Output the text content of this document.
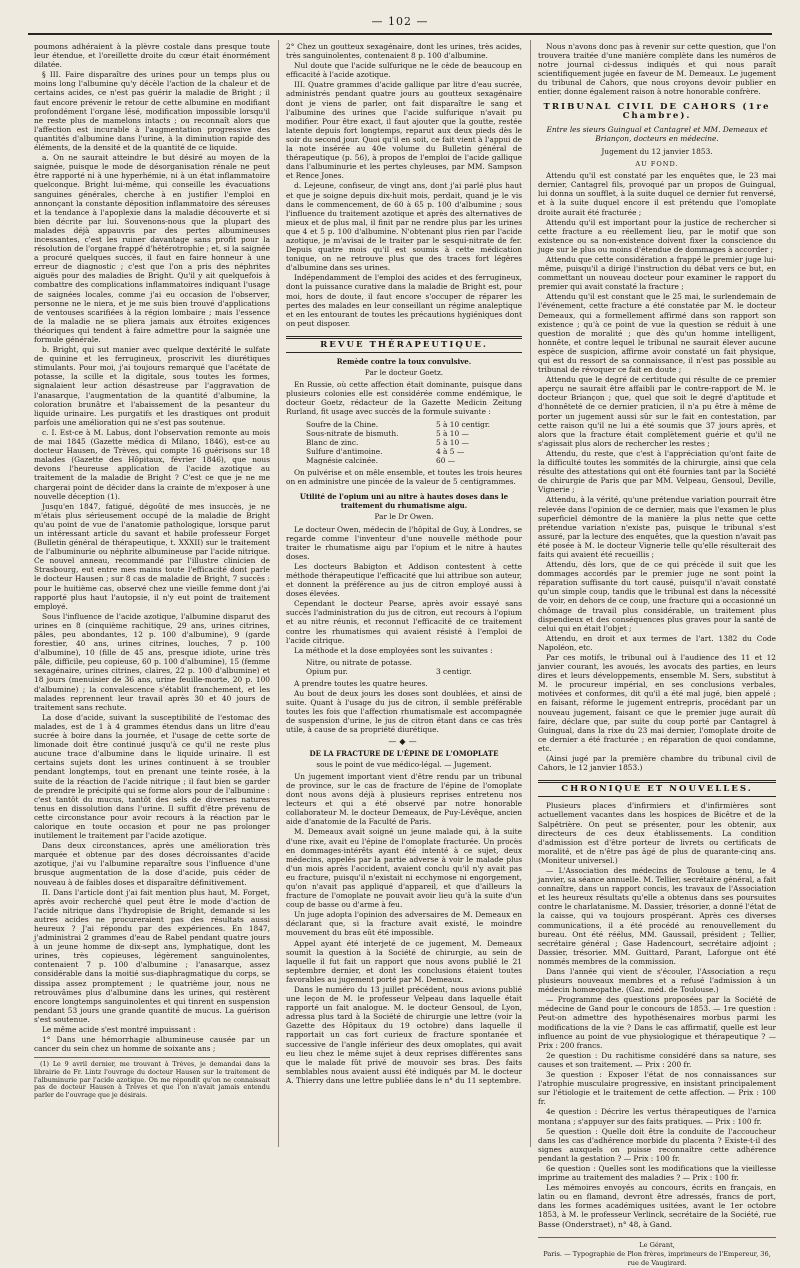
— 102 —

poumons adhéraient à la plèvre costale dans presque toute leur étendue, et l'oreillette droite du cœur était énormément dilatée.

§ III. Faire disparaître des urines pour un temps plus ou moins long l'albumine qu'y décèle l'action de la chaleur et de certains acides, ce n'est pas guérir la maladie de Bright ; il faut encore prévenir le retour de cette albumine en modifiant profondément l'organe lésé, modification impossible lorsqu'il ne reste plus de mamelons intacts ; ou reconnaît alors que l'affection est incurable à l'augmentation progressive des quantités d'albumine dans l'urine, à la diminution rapide des éléments, de la densité et de la quantité de ce liquide.

a. On ne saurait atteindre le but désiré au moyen de la saignée, puisque le mode de désorganisation rénale ne peut être rapporté ni à une hyperhémie, ni à un état inflammatoire quelconque. Bright lui-même, qui conseille les évacuations sanguines générales, cherche à en justifier l'emploi en annonçant la constante déposition inflammatoire des séreuses et la tendance à l'apoplexie dans la maladie découverte et si bien décrite par lui. Souvenons-nous que la plupart des malades déjà appauvris par des pertes albumineuses incessantes, c'est les ruiner davantage sans profit pour la résolution de l'organe frappé d'hétérotrophie ; et, si la saignée a procuré quelques succès, il faut en faire honneur à une erreur de diagnostic ; c'est que l'on a pris des néphrites aiguës pour des maladies de Bright. Qu'il y ait quelquefois à combattre des complications inflammatoires indiquant l'usage de saignées locales, comme j'ai eu occasion de l'observer, personne ne le niera, et je me suis bien trouvé d'applications de ventouses scarifiées à la région lombaire ; mais l'essence de la maladie ne se pliera jamais aux étroites exigences théoriques qui tendent à faire admettre pour la saignée une formule générale.

b. Bright, qui sut manier avec quelque dextérité le sulfate de quinine et les ferrugineux, proscrivit les diurétiques stimulants. Pour moi, j'ai toujours remarqué que l'acétate de potasse, la scille et la digitale, sous toutes les formes, signalaient leur action désastreuse par l'aggravation de l'anasarque, l'augmentation de la quantité d'albumine, la coloration brunâtre et l'abaissement de la pesanteur du liquide urinaire. Les purgatifs et les drastiques ont produit parfois une amélioration qui ne s'est pas soutenue.

c. I. Est-ce à M. Labus, dont l'observation remonte au mois de mai 1845 (Gazette médica di Milano, 1846), est-ce au docteur Hausen, de Trèves, qui compte 16 guérisons sur 18 malades (Gazette des Hôpitaux, février 1846), que nous devons l'heureuse application de l'acide azotique au traitement de la maladie de Bright ? C'est ce que je ne me chargerai point de décider dans la crainte de m'exposer à une nouvelle déception (1).

Jusqu'en 1847, fatigué, dégoûté de mes insuccès, je ne m'étais plus sérieusement occupé de la maladie de Bright qu'au point de vue de l'anatomie pathologique, lorsque parut un intéressant article du savant et habile professeur Forget (Bulletin général de thérapeutique, t. XXXII) sur le traitement de l'albuminurie ou néphrite albumineuse par l'acide nitrique. Ce nouvel anneau, recommandé par l'illustre clinicien de Strasbourg, eut entre mes mains toute l'efficacité dont parle le docteur Hausen ; sur 8 cas de maladie de Bright, 7 succès : pour le huitième cas, observé chez une vieille femme dont j'ai rapporté plus haut l'autopsie, il n'y eut point de traitement employé.

Sous l'influence de l'acide azotique, l'albumine disparut des urines en 8 (cinquième rachitique, 29 ans, urines citrines, pâles, peu abondantes, 12 p. 100 d'albumine), 9 (garde forestier, 40 ans, urines citrines, louches, 7 p. 100 d'albumine), 10 (fille de 45 ans, presque idiote, urine très pâle, difficile, peu copieuse, 60 p. 100 d'albumine), 15 (femme sexagénaire, urines citrines, claires, 22 p. 100 d'albumine) et 18 jours (menuisier de 36 ans, urine feuille-morte, 20 p. 100 d'albumine) ; la convalescence s'établit franchement, et les malades reprennent leur travail après 30 et 40 jours de traitement sans rechute.

La dose d'acide, suivant la susceptibilité de l'estomac des malades, est de 1 à 4 grammes étendus dans un litre d'eau sucrée à boire dans la journée, et l'usage de cette sorte de limonade doit être continué jusqu'à ce qu'il ne reste plus aucune trace d'albumine dans le liquide urinaire. Il est certains sujets dont les urines continuent à se troubler pendant longtemps, tout en prenant une teinte rosée, à la suite de la réaction de l'acide nitrique ; il faut bien se garder de prendre le précipité qui se forme alors pour de l'albumine : c'est tantôt du mucus, tantôt des sels de diverses natures tenus en dissolution dans l'urine. Il suffit d'être prévenu de cette circonstance pour avoir recours à la réaction par le calorique en toute occasion et pour ne pas prolonger inutilement le traitement par l'acide azotique.

Dans deux circonstances, après une amélioration très marquée et obtenue par des doses décroissantes d'acide azotique, j'ai vu l'albumine reparaître sous l'influence d'une brusque augmentation de la dose d'acide, puis céder de nouveau à de faibles doses et disparaître définitivement.

II. Dans l'article dont j'ai fait mention plus haut, M. Forget, après avoir recherché quel peut être le mode d'action de l'acide nitrique dans l'hydropisie de Bright, demande si les autres acides ne procureraient pas des résultats aussi heureux ? J'ai répondu par des expériences. En 1847, j'administrai 2 grammes d'eau de Rabel pendant quatre jours à un jeune homme de dix-sept ans, lymphatique, dont les urines, très copieuses, légèrement sanguinolentes, contenaient 7 p. 100 d'albumine ; l'anasarque, assez considérable dans la moitié sus-diaphragmatique du corps, se dissipa assez promptement ; le quatrième jour, nous ne retrouvâmes plus d'albumine dans les urines, qui restèrent encore longtemps sanguinolentes et qui tinrent en suspension pendant 53 jours une grande quantité de mucus. La guérison s'est soutenue.

Le même acide s'est montré impuissant :

1° Dans une hémorrhagie albumineuse causée par un cancer du sein chez un homme de soixante ans ;

(1) Le 9 avril dernier, me trouvant à Trèves, je demandai dans la librairie de Fr. Lintz l'ouvrage du docteur Hausen sur le traitement de l'albuminurie par l'acide azotique. On me répondit qu'on ne connaissait pas de docteur Hausen à Trèves et que l'on n'avait jamais entendu parler de l'ouvrage que je désirais.

2° Chez un goutteux sexagénaire, dont les urines, très acides, très sanguinolentes, contenaient 8 p. 100 d'albumine.

Nul doute que l'acide sulfurique ne le cède de beaucoup en efficacité à l'acide azotique.

III. Quatre grammes d'acide gallique par litre d'eau sucrée, administrés pendant quatre jours au goutteux sexagénaire dont je viens de parler, ont fait disparaître le sang et l'albumine des urines que l'acide sulfurique n'avait pu modifier. Pour être exact, il faut ajouter que la goutte, restée latente depuis fort longtemps, reparut aux deux pieds dès le soir du second jour. Quoi qu'il en soit, ce fait vient à l'appui de la note insérée au 40e volume du Bulletin général de thérapeutique (p. 56), à propos de l'emploi de l'acide gallique dans l'albuminurie et les pertes chyleuses, par MM. Sampson et Rence Jones.

d. Lejeune, confiseur, de vingt ans, dont j'ai parlé plus haut et que je soigne depuis dix-huit mois, perdait, quand je le vis dans le commencement, de 60 à 65 p. 100 d'albumine ; sous l'influence du traitement azotique et après des alternatives de mieux et de plus mal, il finit par ne rendre plus par les urines que 4 et 5 p. 100 d'albumine. N'obtenant plus rien par l'acide azotique, je m'avisai de le traiter par le sesqui-nitrate de fer. Depuis quatre mois qu'il est soumis à cette médication tonique, on ne retrouve plus que des traces fort légères d'albumine dans ses urines.

Indépendamment de l'emploi des acides et des ferrugineux, dont la puissance curative dans la maladie de Bright est, pour moi, hors de doute, il faut encore s'occuper de réparer les pertes des malades en leur conseillant un régime analeptique et en les entourant de toutes les précautions hygiéniques dont on peut disposer.

REVUE THÉRAPEUTIQUE.
Remède contre la toux convulsive.
Par le docteur Goetz.

En Russie, où cette affection était dominante, puisque dans plusieurs colonies elle est considérée comme endémique, le docteur Goetz, rédacteur de la Gazette Medicin Zeitung Rurland, fit usage avec succès de la formule suivante :

Soufre de la Chine.	5 à 10 centigr.
Sous-nitrate de bismuth.	5 à 10 —
Blanc de zinc.	5 à 10 —
Sulfure d'antimoine.	4 à 5 —
Magnésie calcinée.	60 —

On pulvérise et on mêle ensemble, et toutes les trois heures on en administre une pincée de la valeur de 5 centigrammes.

Utilité de l'opium uni au nitre à hautes doses dans le traitement du rhumatisme aigu.
Par le Dr Owen.

Le docteur Owen, médecin de l'hôpital de Guy, à Londres, se regarde comme l'inventeur d'une nouvelle méthode pour traiter le rhumatisme aigu par l'opium et le nitre à hautes doses.

Les docteurs Babigton et Addison contestent à cette méthode thérapeutique l'efficacité que lui attribue son auteur, et donnent la préférence au jus de citron employé aussi à doses élevées.

Cependant le docteur Pearse, après avoir essayé sans succès l'administration du jus de citron, eut recours à l'opium et au nitre réunis, et reconnut l'efficacité de ce traitement contre les rhumatismes qui avaient résisté à l'emploi de l'acide citrique.

La méthode et la dose employées sont les suivantes :

Nitre, ou nitrate de potasse.
Opium pur.	3 centigr.

A prendre toutes les quatre heures.

Au bout de deux jours les doses sont doublées, et ainsi de suite. Quant à l'usage du jus de citron, il semble préférable toutes les fois que l'affection rhumatismale est accompagnée de suspension d'urine, le jus de citron étant dans ce cas très utile, à cause de sa propriété diurétique.

—◆—
DE LA FRACTURE DE L'ÉPINE DE L'OMOPLATE
sous le point de vue médico-légal. — Jugement.

Un jugement important vient d'être rendu par un tribunal de province, sur le cas de fracture de l'épine de l'omoplate dont nous avons déjà à plusieurs reprises entretenu nos lecteurs et qui a été observé par notre honorable collaborateur M. le docteur Demeaux, de Puy-Lévêque, ancien aide d'anatomie de la Faculté de Paris.

M. Demeaux avait soigné un jeune malade qui, à la suite d'une rixe, avait eu l'épine de l'omoplate fracturée. Un procès en dommages-intérêts ayant été intenté à ce sujet, deux médecins, appelés par la partie adverse à voir le malade plus d'un mois après l'accident, avaient conclu qu'il n'y avait pas eu fracture, puisqu'il n'existait ni ecchymose ni engorgement, qu'on n'avait pas appliqué d'appareil, et que d'ailleurs la fracture de l'omoplate ne pouvait avoir lieu qu'à la suite d'un coup de basse ou d'arme à feu.

Un juge adopta l'opinion des adversaires de M. Demeaux en déclarant que, si la fracture avait existé, le moindre mouvement du bras eût été impossible.

Appel ayant été interjeté de ce jugement, M. Demeaux soumit la question à la Société de chirurgie, au sein de laquelle il fut fait un rapport que nous avons publié le 21 septembre dernier, et dont les conclusions étaient toutes favorables au jugement porté par M. Demeaux.

Dans le numéro du 13 juillet précédent, nous avions publié une leçon de M. le professeur Velpeau dans laquelle était rapporté un fait analogue. M. le docteur Gensoul, de Lyon, adressa plus tard à la Société de chirurgie une lettre (voir la Gazette des Hôpitaux du 19 octobre) dans laquelle il rapportait un cas fort curieux de fracture spontanée et successive de l'angle inférieur des deux omoplates, qui avait eu lieu chez le même sujet à deux reprises différentes sans que le malade fût privé de mouvoir ses bras. Des faits semblables nous avaient aussi été indiqués par M. le docteur A. Thierry dans une lettre publiée dans le n° du 11 septembre.

Nous n'avons donc pas à revenir sur cette question, que l'on trouvera traitée d'une manière complète dans les numéros de notre journal ci-dessus indiqués et qui nous paraît scientifiquement jugée en faveur de M. Demeaux. Le jugement du tribunal de Cahors, que nous croyons devoir publier en entier, donne également raison à notre honorable confrère.

TRIBUNAL CIVIL DE CAHORS (1re Chambre).

Entre les sieurs Guingual et Cantagrel et MM. Demeaux et Briançon, docteurs en médecine.

Jugement du 12 janvier 1853.

AU FOND.

Attendu qu'il est constaté par les enquêtes que, le 23 mai dernier, Cantagrel fils, provoqué par un propos de Guingual, lui donna un soufflet, à la suite duquel ce dernier fut renversé, et à la suite duquel encore il est prétendu que l'omoplate droite aurait été fracturée ;

Attendu qu'il est important pour la justice de rechercher si cette fracture a eu réellement lieu, par le motif que son existence ou sa non-existence doivent fixer la conscience du juge sur le plus ou moins d'étendue de dommages à accorder ;

Attendu que cette considération a frappé le premier juge lui-même, puisqu'il a dirigé l'instruction du débat vers ce but, en commettant un nouveau docteur pour examiner le rapport du premier qui avait constaté la fracture ;

Attendu qu'il est constant que le 25 mai, le surlendemain de l'événement, cette fracture a été constatée par M. le docteur Demeaux, qui a formellement affirmé dans son rapport son existence ; qu'à ce point de vue la question se réduit à une question de moralité ; que dès qu'un homme intelligent, honnête, et contre lequel le tribunal ne saurait élever aucune espèce de suspicion, affirme avoir constaté un fait physique, qui est du ressort de sa connaissance, il n'est pas possible au tribunal de révoquer ce fait en doute ;

Attendu que le degré de certitude qui résulte de ce premier aperçu ne saurait être affaibli par le contre-rapport de M. le docteur Briançon ; que, quel que soit le degré d'aptitude et d'honnêteté de ce dernier praticien, il n'a pu être à même de porter un jugement aussi sûr sur le fait en contestation, par cette raison qu'il ne lui a été soumis que 37 jours après, et alors que la fracture était complètement guérie et qu'il ne s'agissait plus alors de rechercher les restes ;

Attendu, du reste, que c'est à l'appréciation qu'ont faite de la difficulté toutes les sommités de la chirurgie, ainsi que cela résulte des attestations qui ont été fournies tant par la Société de chirurgie de Paris que par MM. Velpeau, Gensoul, Deville, Vignerie ;

Attendu, à la vérité, qu'une prétendue variation pourrait être relevée dans l'opinion de ce dernier, mais que l'examen le plus superficiel démontre de la manière la plus nette que cette prétendue variation n'existe pas, puisque le tribunal s'est assuré, par la lecture des enquêtes, que la question n'avait pas été posée à M. le docteur Vignerie telle qu'elle résulterait des faits qui avaient été recueillis ;

Attendu, dès lors, que de ce qui précède il suit que les dommages accordés par le premier juge ne sont point la réparation suffisante du tort causé, puisqu'il n'avait constaté qu'un simple coup, tandis que le tribunal est dans la nécessité de voir, en dehors de ce coup, une fracture qui a occasionné un chômage de travail plus considérable, un traitement plus dispendieux et des conséquences plus graves pour la santé de celui qui en était l'objet ;

Attendu, en droit et aux termes de l'art. 1382 du Code Napoléon, etc.

Par ces motifs, le tribunal ouï à l'audience des 11 et 12 janvier courant, les avoués, les avocats des parties, en leurs dires et leurs développements, ensemble M. Sers, substitut à M. le procureur impérial, en ses conclusions verbales, motivées et conformes, dit qu'il a été mal jugé, bien appelé ; en faisant, réforme le jugement entrepris, procédant par un nouveau jugement, faisant ce que le premier juge aurait dû faire, déclare que, par suite du coup porté par Cantagrel à Guingual, dans la rixe du 23 mai dernier, l'omoplate droite de ce dernier a été fracturée ; en réparation de quoi condamne, etc.

(Ainsi jugé par la première chambre du tribunal civil de Cahors, le 12 janvier 1853.)

CHRONIQUE ET NOUVELLES.

Plusieurs places d'infirmiers et d'infirmières sont actuellement vacantes dans les hospices de Bicêtre et de la Salpêtrière. On peut se présenter, pour les obtenir, aux directeurs de ces deux établissements. La condition d'admission est d'être porteur de livrets ou certificats de moralité, et de n'être pas âgé de plus de quarante-cinq ans. (Moniteur universel.)

— L'Association des médecins de Toulouse a tenu, le 4 janvier, sa séance annuelle. M. Tellier, secrétaire général, a fait connaître, dans un rapport concis, les travaux de l'Association et les heureux résultats qu'elle a obtenus dans ses poursuites contre le charlatanisme. M. Dassier, trésorier, a donné l'état de la caisse, qui va toujours prospérant. Après ces diverses communications, il a été procédé au renouvellement du bureau. Ont été réélus, MM. Gaussail, président ; Tellier, secrétaire général ; Gase Hadencourt, secrétaire adjoint ; Dassier, trésorier. MM. Guittard, Parant, Laforgue ont été nommés membres de la commission.

Dans l'année qui vient de s'écouler, l'Association a reçu plusieurs nouveaux membres et a refusé l'admission à un médecin homœopathe. (Gaz. méd. de Toulouse.)

— Programme des questions proposées par la Société de médecine de Gand pour le concours de 1853. — 1re question : Peut-on admettre des hypothèsenaires morbus parmi les modifications de la vie ? Dans le cas affirmatif, quelle est leur influence au point de vue physiologique et thérapeutique ? — Prix : 200 francs.

2e question : Du rachitisme considéré dans sa nature, ses causes et son traitement. — Prix : 200 fr.

3e question : Exposer l'état de nos connaissances sur l'atrophie musculaire progressive, en insistant principalement sur l'étiologie et le traitement de cette affection. — Prix : 100 fr.

4e question : Décrire les vertus thérapeutiques de l'arnica montana ; s'appuyer sur des faits pratiques. — Prix : 100 fr.

5e question : Quelle doit être la conduite de l'accoucheur dans les cas d'adhérence morbide du placenta ? Existe-t-il des signes auxquels on puisse reconnaître cette adhérence pendant la gestation ? — Prix : 100 fr.

6e question : Quelles sont les modifications que la vieillesse imprime au traitement des maladies ? — Prix : 100 fr.

Les mémoires envoyés au concours, écrits en français, en latin ou en flamand, devront être adressés, francs de port, dans les formes académiques usitées, avant le 1er octobre 1853, à M. le professeur Verlinck, secrétaire de la Société, rue Basse (Onderstraet), n° 48, à Gand.

Le Gérant,
Paris. — Typographie de Plon frères, imprimeurs de l'Empereur, 36, rue de Vaugirard.
